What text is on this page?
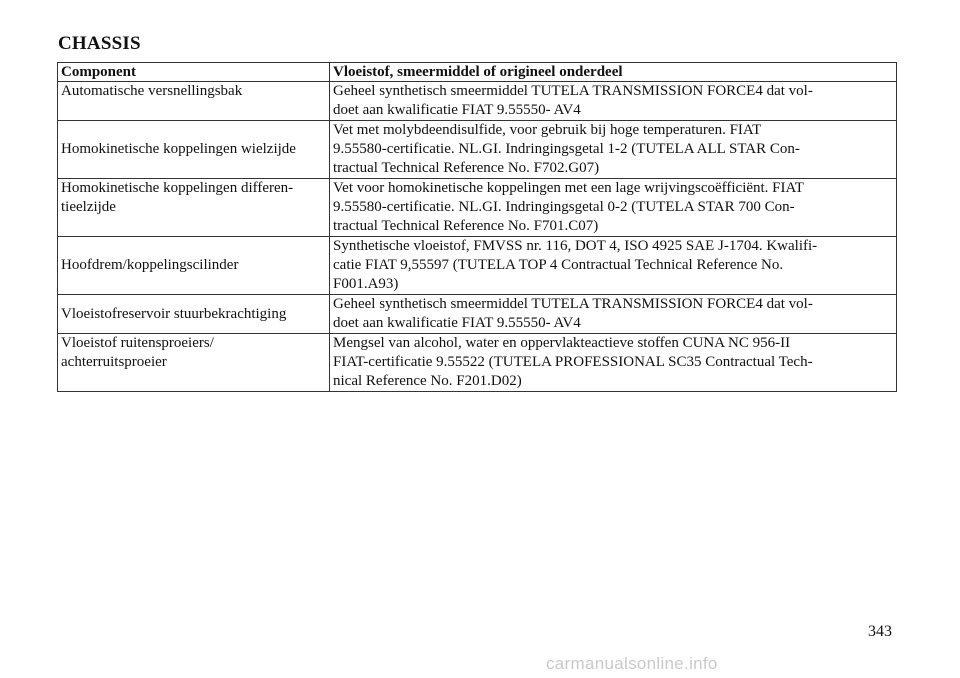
CHASSIS
Component	Vloeistof, smeermiddel of origineel onderdeel
Automatische versnellingsbak	Geheel synthetisch smeermiddel TUTELA TRANSMISSION FORCE4 dat vol-
doet aan kwalificatie FIAT 9.55550- AV4
Homokinetische koppelingen wielzijde	Vet met molybdeendisulfide, voor gebruik bij hoge temperaturen. FIAT
9.55580-certificatie. NL.GI. Indringingsgetal 1-2 (TUTELA ALL STAR Con-
tractual Technical Reference No. F702.G07)
Homokinetische koppelingen differen-
tieelzijde	Vet voor homokinetische koppelingen met een lage wrijvingscoëfficiënt. FIAT
9.55580-certificatie. NL.GI. Indringingsgetal 0-2 (TUTELA STAR 700 Con-
tractual Technical Reference No. F701.C07)
Hoofdrem/koppelingscilinder	Synthetische vloeistof, FMVSS nr. 116, DOT 4, ISO 4925 SAE J-1704. Kwalifi-
catie FIAT 9,55597 (TUTELA TOP 4 Contractual Technical Reference No.
F001.A93)
Vloeistofreservoir stuurbekrachtiging	Geheel synthetisch smeermiddel TUTELA TRANSMISSION FORCE4 dat vol-
doet aan kwalificatie FIAT 9.55550- AV4
Vloeistof ruitensproeiers/
achterruitsproeier	Mengsel van alcohol, water en oppervlakteactieve stoffen CUNA NC 956-II
FIAT-certificatie 9.55522 (TUTELA PROFESSIONAL SC35 Contractual Tech-
nical Reference No. F201.D02)
343
carmanualsonline.info
